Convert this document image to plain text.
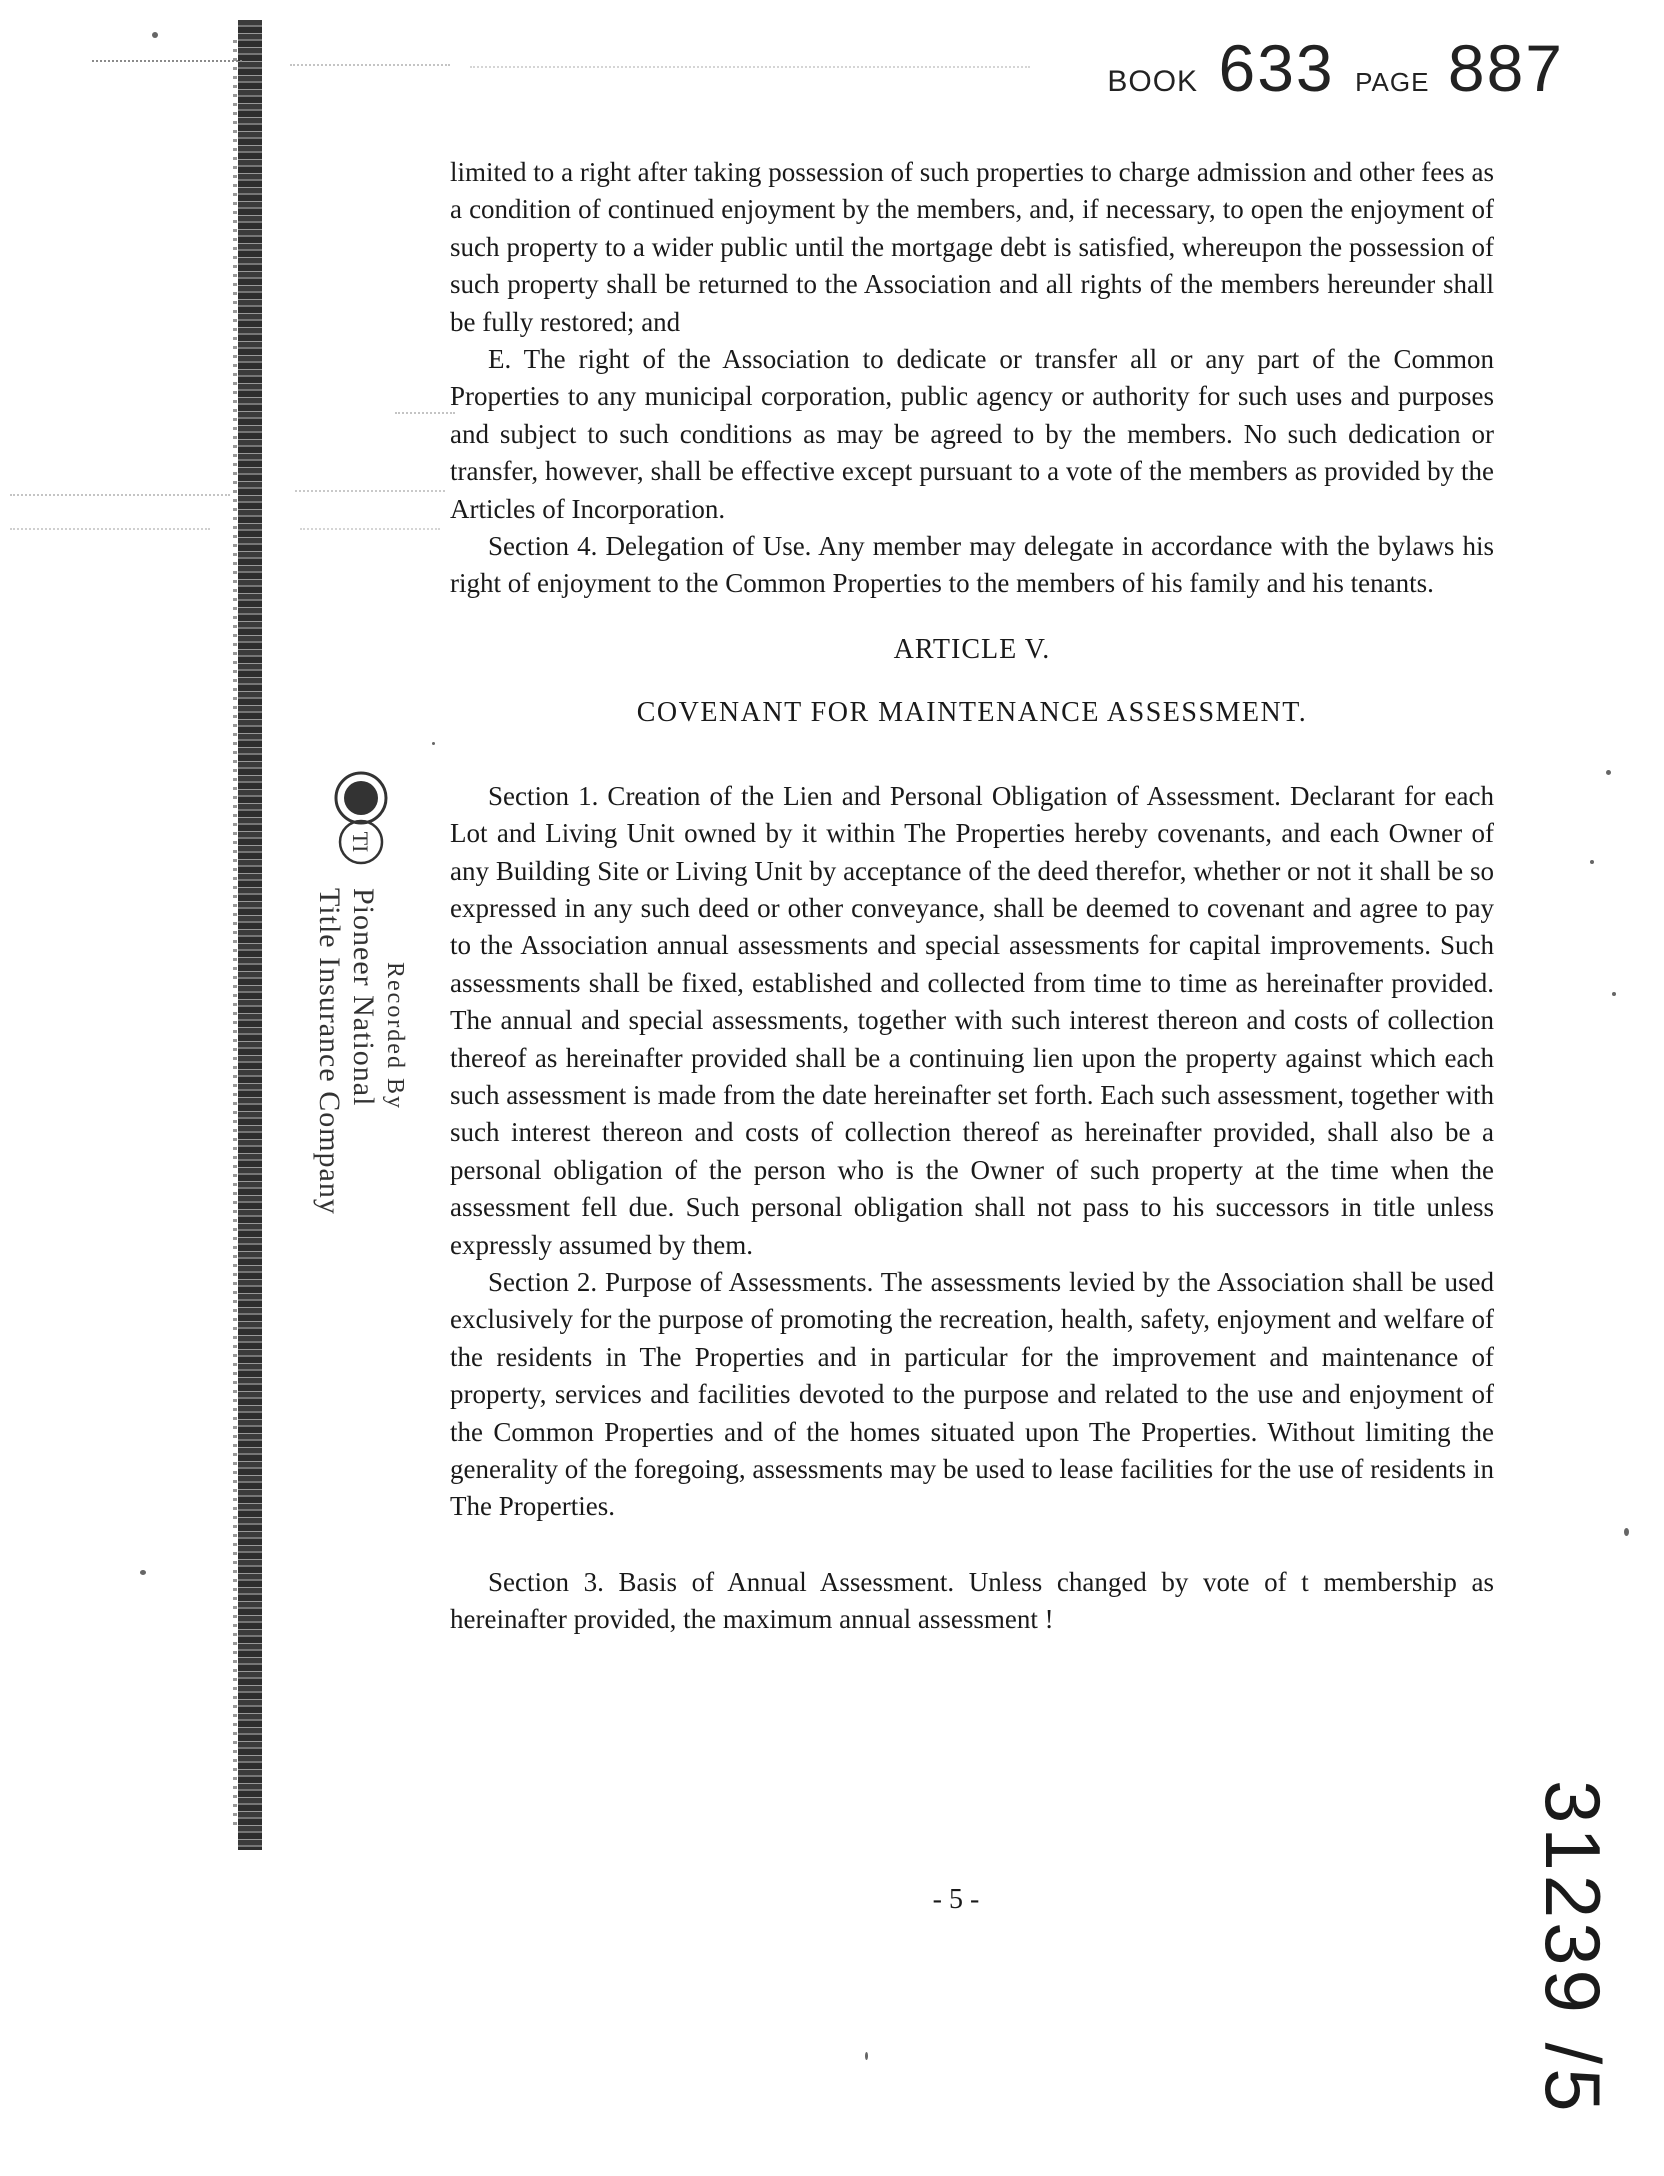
BOOK 633 PAGE 887
TI

Recorded By
Pioneer National
Title Insurance Company

limited to a right after taking possession of such properties to charge admission and other fees as a condition of continued enjoyment by the members, and, if necessary, to open the enjoyment of such property to a wider public until the mortgage debt is satisfied, whereupon the possession of such property shall be returned to the Association and all rights of the members hereunder shall be fully restored; and

E. The right of the Association to dedicate or transfer all or any part of the Common Properties to any municipal corporation, public agency or authority for such uses and purposes and subject to such conditions as may be agreed to by the members. No such dedication or transfer, however, shall be effective except pursuant to a vote of the members as provided by the Articles of Incorporation.

Section 4. Delegation of Use. Any member may delegate in accordance with the bylaws his right of enjoyment to the Common Properties to the members of his family and his tenants.

ARTICLE V.
COVENANT FOR MAINTENANCE ASSESSMENT.

Section 1. Creation of the Lien and Personal Obligation of Assessment. Declarant for each Lot and Living Unit owned by it within The Properties hereby covenants, and each Owner of any Building Site or Living Unit by acceptance of the deed therefor, whether or not it shall be so expressed in any such deed or other conveyance, shall be deemed to covenant and agree to pay to the Association annual assessments and special assessments for capital improvements. Such assessments shall be fixed, established and collected from time to time as hereinafter provided. The annual and special assessments, together with such interest thereon and costs of collection thereof as hereinafter provided shall be a continuing lien upon the property against which each such assessment is made from the date hereinafter set forth. Each such assessment, together with such interest thereon and costs of collection thereof as hereinafter provided, shall also be a personal obligation of the person who is the Owner of such property at the time when the assessment fell due. Such personal obligation shall not pass to his successors in title unless expressly assumed by them.

Section 2. Purpose of Assessments. The assessments levied by the Association shall be used exclusively for the purpose of promoting the recreation, health, safety, enjoyment and welfare of the residents in The Properties and in particular for the improvement and maintenance of property, services and facilities devoted to the purpose and related to the use and enjoyment of the Common Properties and of the homes situated upon The Properties. Without limiting the generality of the foregoing, assessments may be used to lease facilities for the use of residents in The Properties.

Section 3. Basis of Annual Assessment. Unless changed by vote of t membership as hereinafter provided, the maximum annual assessment !

- 5 -	31239 /5
